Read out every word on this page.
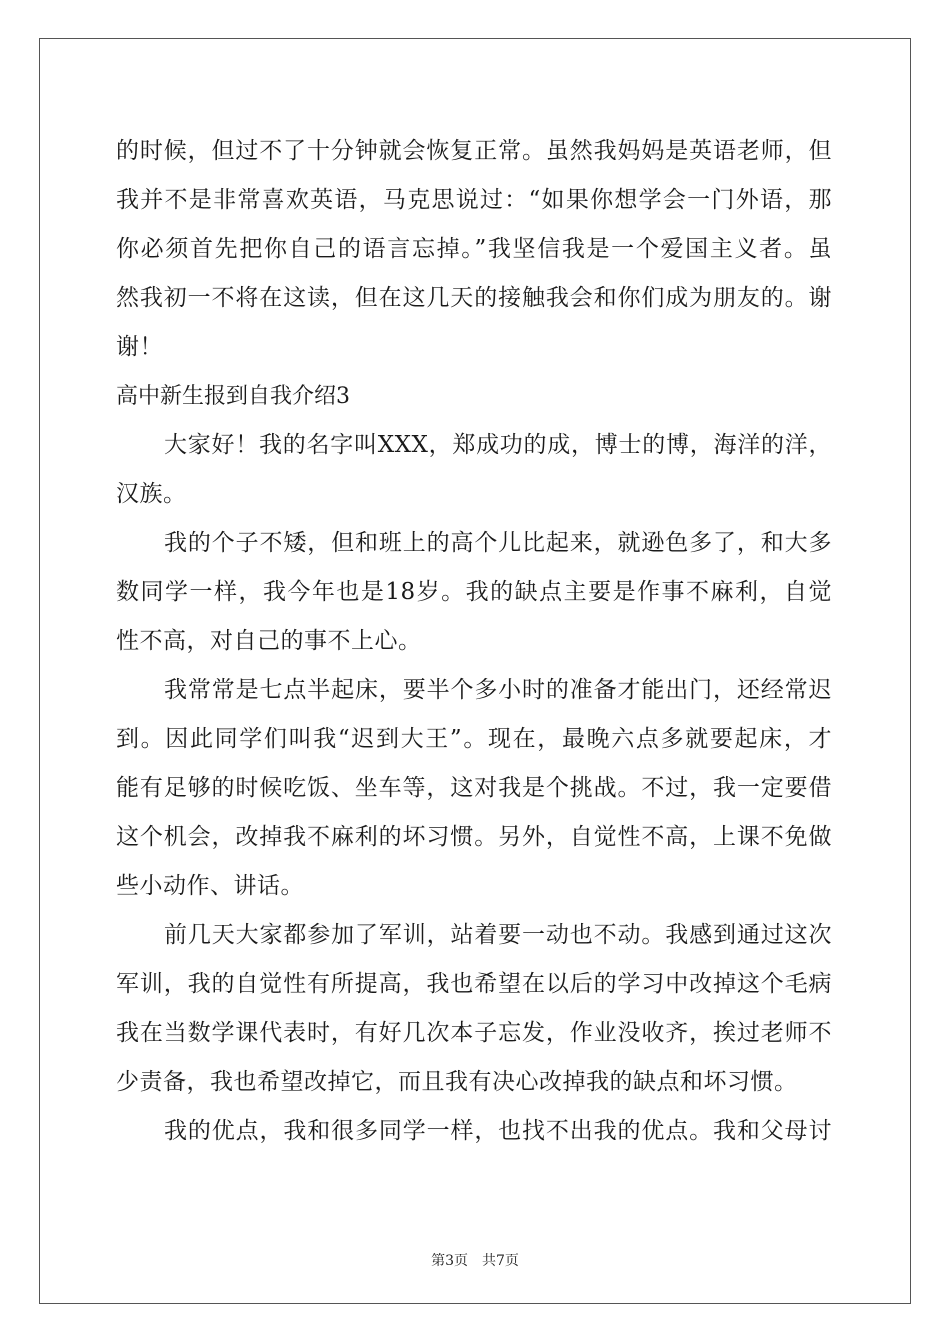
的时候，但过不了十分钟就会恢复正常。虽然我妈妈是英语老师，但
我并不是非常喜欢英语，马克思说过：“如果你想学会一门外语，那
你必须首先把你自己的语言忘掉。”我坚信我是一个爱国主义者。虽
然我初一不将在这读，但在这几天的接触我会和你们成为朋友的。谢
谢！
高中新生报到自我介绍3
大家好！我的名字叫XXX，郑成功的成，博士的博，海洋的洋，
汉族。
我的个子不矮，但和班上的高个儿比起来，就逊色多了，和大多
数同学一样，我今年也是18岁。我的缺点主要是作事不麻利，自觉
性不高，对自己的事不上心。
我常常是七点半起床，要半个多小时的准备才能出门，还经常迟
到。因此同学们叫我“迟到大王”。现在，最晚六点多就要起床，才
能有足够的时候吃饭、坐车等，这对我是个挑战。不过，我一定要借
这个机会，改掉我不麻利的坏习惯。另外，自觉性不高，上课不免做
些小动作、讲话。
前几天大家都参加了军训，站着要一动也不动。我感到通过这次
军训，我的自觉性有所提高，我也希望在以后的学习中改掉这个毛病
我在当数学课代表时，有好几次本子忘发，作业没收齐，挨过老师不
少责备，我也希望改掉它，而且我有决心改掉我的缺点和坏习惯。
我的优点，我和很多同学一样，也找不出我的优点。我和父母讨
第3页 共7页
